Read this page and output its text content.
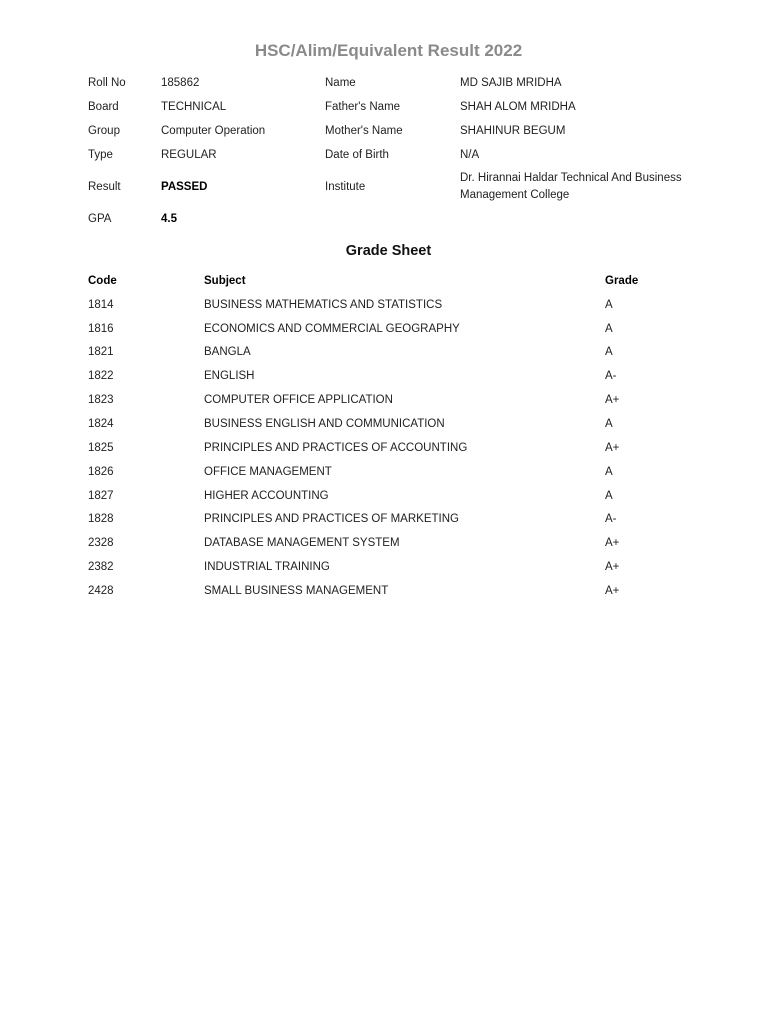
HSC/Alim/Equivalent Result 2022
Roll No	185862	Name	MD SAJIB MRIDHA
Board	TECHNICAL	Father's Name	SHAH ALOM MRIDHA
Group	Computer Operation	Mother's Name	SHAHINUR BEGUM
Type	REGULAR	Date of Birth	N/A
Result	PASSED	Institute	Dr. Hirannai Haldar Technical And Business Management College
GPA	4.5		
Grade Sheet
Code	Subject	Grade
1814	BUSINESS MATHEMATICS AND STATISTICS	A
1816	ECONOMICS AND COMMERCIAL GEOGRAPHY	A
1821	BANGLA	A
1822	ENGLISH	A-
1823	COMPUTER OFFICE APPLICATION	A+
1824	BUSINESS ENGLISH AND COMMUNICATION	A
1825	PRINCIPLES AND PRACTICES OF ACCOUNTING	A+
1826	OFFICE MANAGEMENT	A
1827	HIGHER ACCOUNTING	A
1828	PRINCIPLES AND PRACTICES OF MARKETING	A-
2328	DATABASE MANAGEMENT SYSTEM	A+
2382	INDUSTRIAL TRAINING	A+
2428	SMALL BUSINESS MANAGEMENT	A+
